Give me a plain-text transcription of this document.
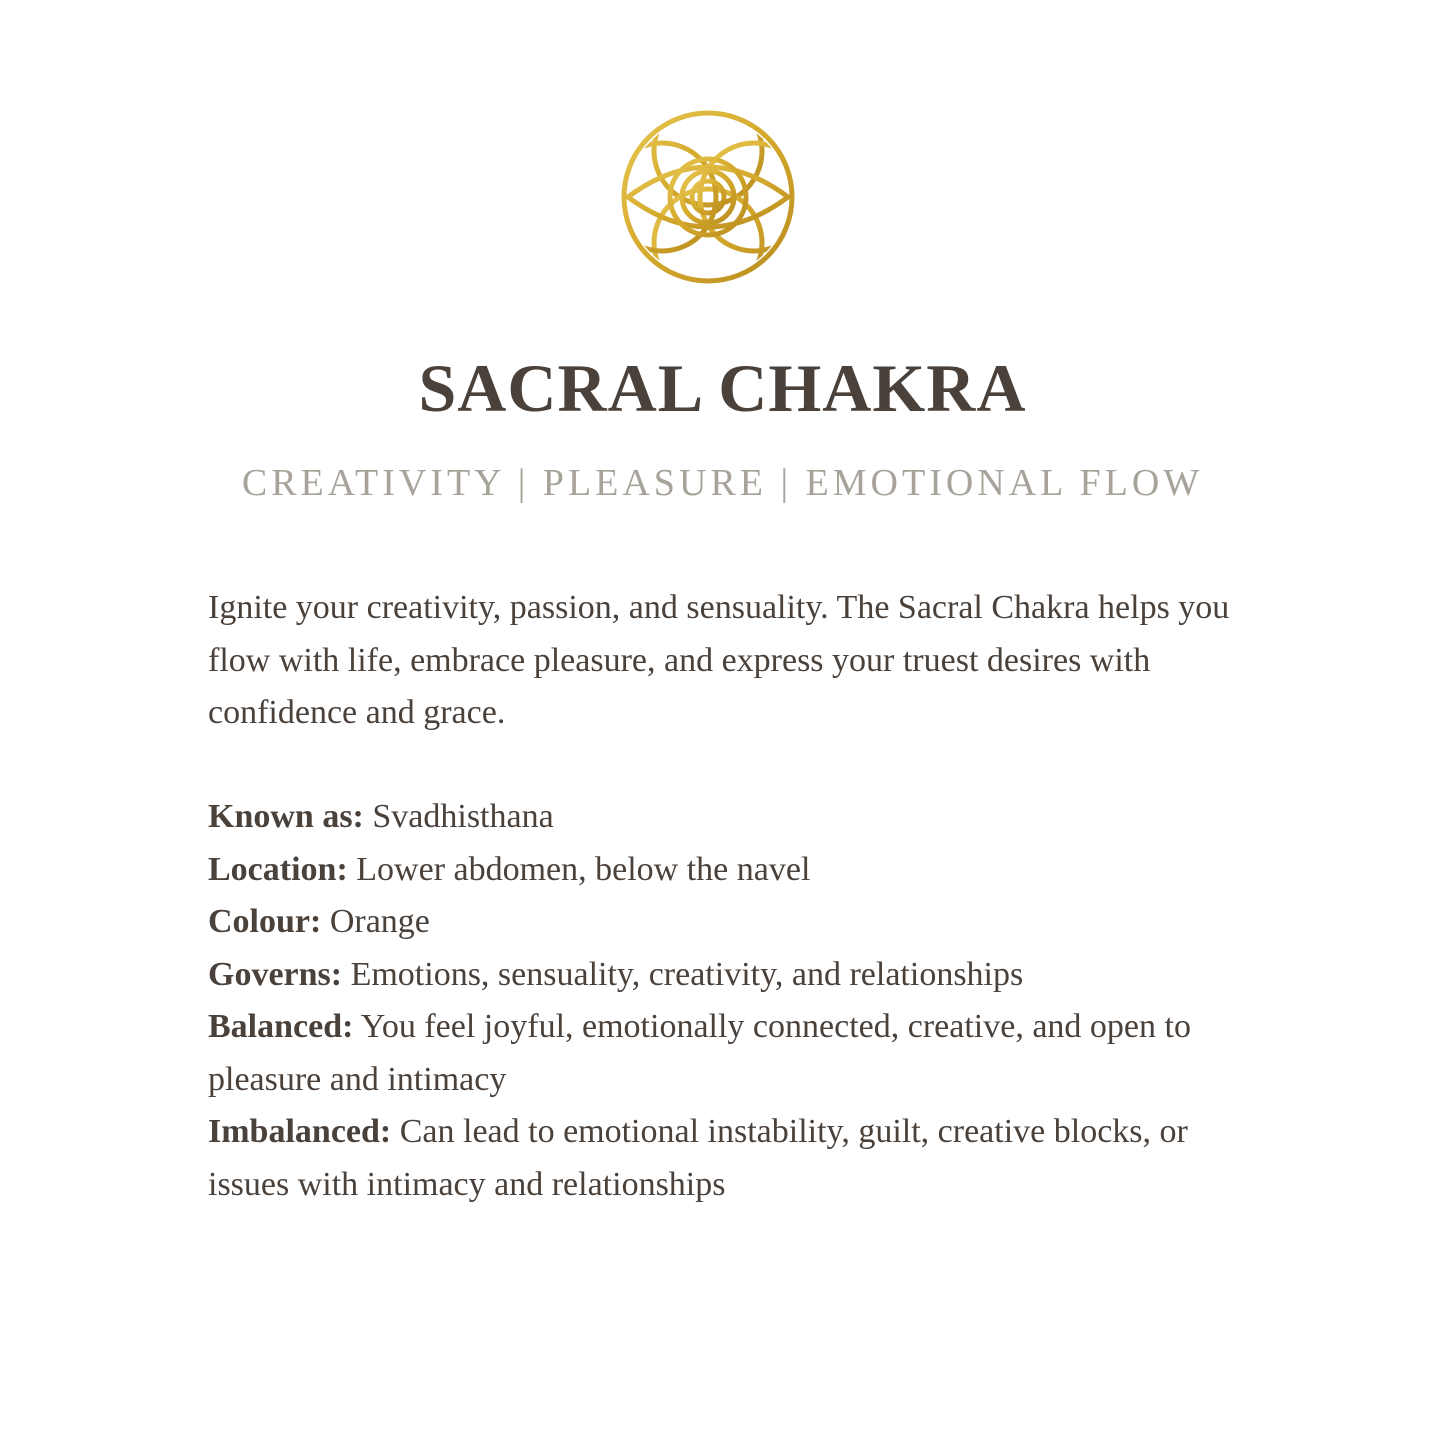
SACRAL CHAKRA

CREATIVITY | PLEASURE | EMOTIONAL FLOW

Ignite your creativity, passion, and sensuality. The Sacral Chakra helps you flow with life, embrace pleasure, and express your truest desires with confidence and grace.

Known as: Svadhisthana
Location: Lower abdomen, below the navel
Colour: Orange
Governs: Emotions, sensuality, creativity, and relationships
Balanced: You feel joyful, emotionally connected, creative, and open to pleasure and intimacy
Imbalanced: Can lead to emotional instability, guilt, creative blocks, or issues with intimacy and relationships
